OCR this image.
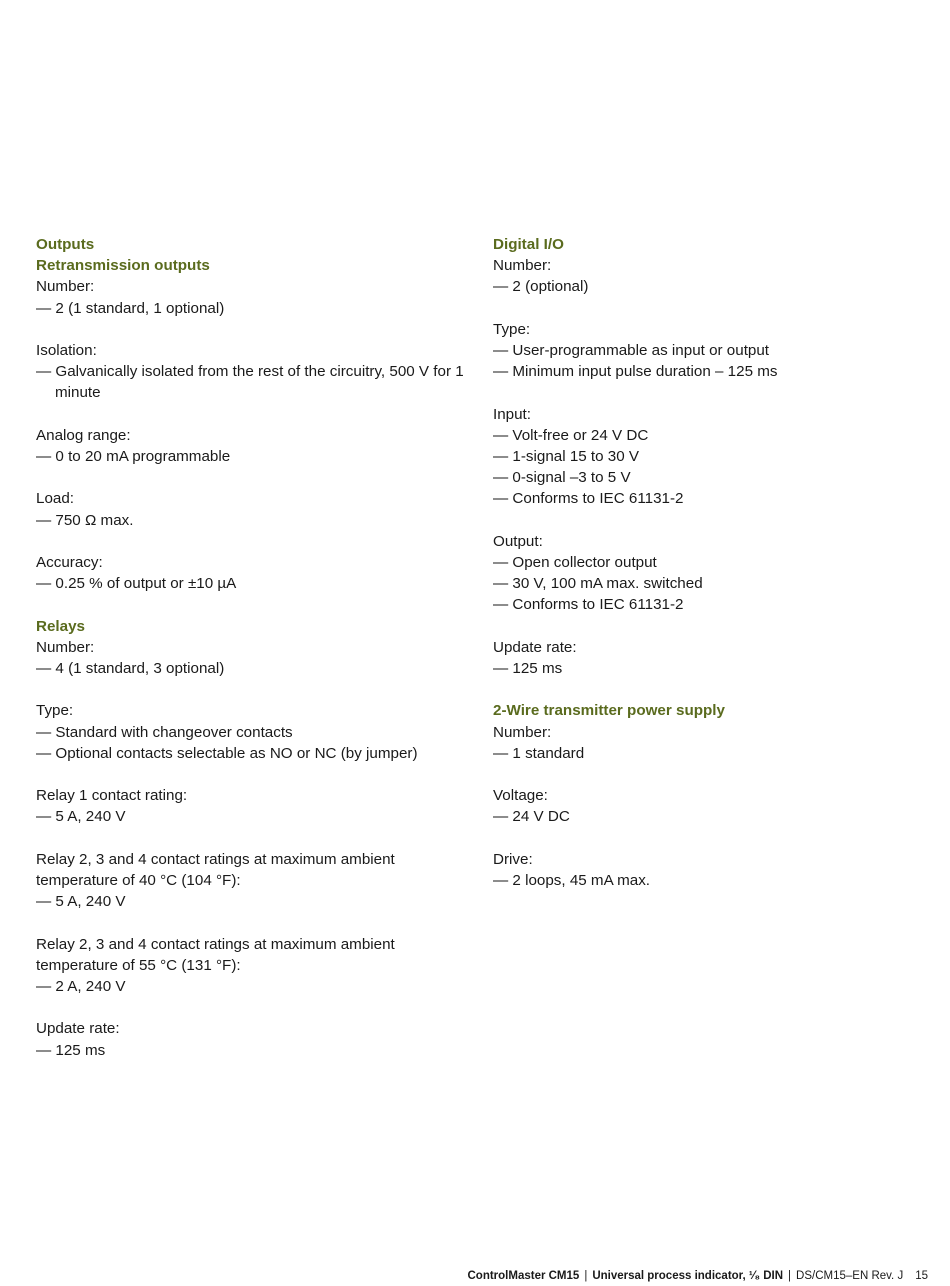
Outputs
Retransmission outputs
Number:
— 2 (1 standard, 1 optional)
Isolation:
— Galvanically isolated from the rest of the circuitry, 500 V for 1 minute
Analog range:
— 0 to 20 mA programmable
Load:
— 750 Ω max.
Accuracy:
— 0.25 % of output or ±10 µA
Relays
Number:
— 4 (1 standard, 3 optional)
Type:
— Standard with changeover contacts
— Optional contacts selectable as NO or NC (by jumper)
Relay 1 contact rating:
— 5 A, 240 V
Relay 2, 3 and 4 contact ratings at maximum ambient temperature of 40 °C (104 °F):
— 5 A, 240 V
Relay 2, 3 and 4 contact ratings at maximum ambient temperature of 55 °C (131 °F):
— 2 A, 240 V
Update rate:
— 125 ms
Digital I/O
Number:
— 2 (optional)
Type:
— User-programmable as input or output
— Minimum input pulse duration – 125 ms
Input:
— Volt-free or 24 V DC
— 1-signal 15 to 30 V
— 0-signal –3 to 5 V
— Conforms to IEC 61131-2
Output:
— Open collector output
— 30 V, 100 mA max. switched
— Conforms to IEC 61131-2
Update rate:
— 125 ms
2-Wire transmitter power supply
Number:
— 1 standard
Voltage:
— 24 V DC
Drive:
— 2 loops, 45 mA max.
ControlMaster CM15 | Universal process indicator, ¹⁄₈ DIN | DS/CM15–EN Rev. J 15
